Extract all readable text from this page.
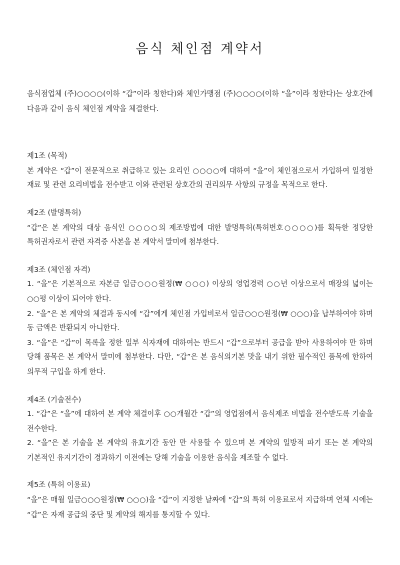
음식 체인점 계약서

음식점업체 (주)○○○○(이하 “갑”이라 칭한다)와 체인가맹점 (주)○○○○(이하 “을”이라 칭한다)는 상호간에 다음과 같이 음식 체인점 계약을 체결한다.

제1조 (목적)

본 계약은 “갑”이 전문적으로 취급하고 있는 요리인 ○○○○에 대하여 “을”이 체인점으로서 가입하여 일정한 재료 및 관련 요리비법을 전수받고 이와 관련된 상호간의 권리의무 사항의 규정을 목적으로 한다.

제2조 (발명특허)

“갑”은 본 계약의 대상 음식인 ○○○○의 제조방법에 대한 발명특허(특허번호○○○○)를 획득한 정당한 특허권자로서 관련 자격증 사본을 본 계약서 말미에 첨부한다.

제3조 (체인점 자격)

1. “을”은 기본적으로 자본금 일금○○○원정(₩ ○○○) 이상의 영업경력 ○○년 이상으로서 매장의 넓이는 ○○평 이상이 되어야 한다.

2. “을”은 본 계약의 체결과 동시에 “갑”에게 체인점 가입비로서 일금○○○원정(₩ ○○○)을 납부하여야 하며 동 금액은 반환되지 아니한다.

3. “을”은 “갑”이 목록을 정한 일부 식자재에 대하여는 반드시 “갑”으로부터 공급을 받아 사용하여야 만 하며 당해 품목은 본 계약서 말미에 첨부한다. 다만, “갑”은 본 음식의기본 맛을 내기 위한 필수적인 품목에 한하여 의무적 구입을 하게 한다.

제4조 (기술전수)

1. “갑”은 “을”에 대하여 본 계약 체결이후 ○○개월간 “갑”의 영업점에서 음식제조 비법을 전수받도록 기술을 전수한다.

2. “을”은 본 기술을 본 계약의 유효기간 동안 만 사용할 수 있으며 본 계약의 일방적 파기 또는 본 계약의 기본적인 유지기간이 경과하기 이전에는 당해 기술을 이용한 음식을 제조할 수 없다.

제5조 (특허 이용료)

“을”은 매월 일금○○○원정(₩ ○○○)을 “갑”이 지정한 날짜에 “갑”의 특허 이용료로서 지급하며 연체 시에는 “갑”은 자재 공급의 중단 및 계약의 해지를 통지할 수 있다.
